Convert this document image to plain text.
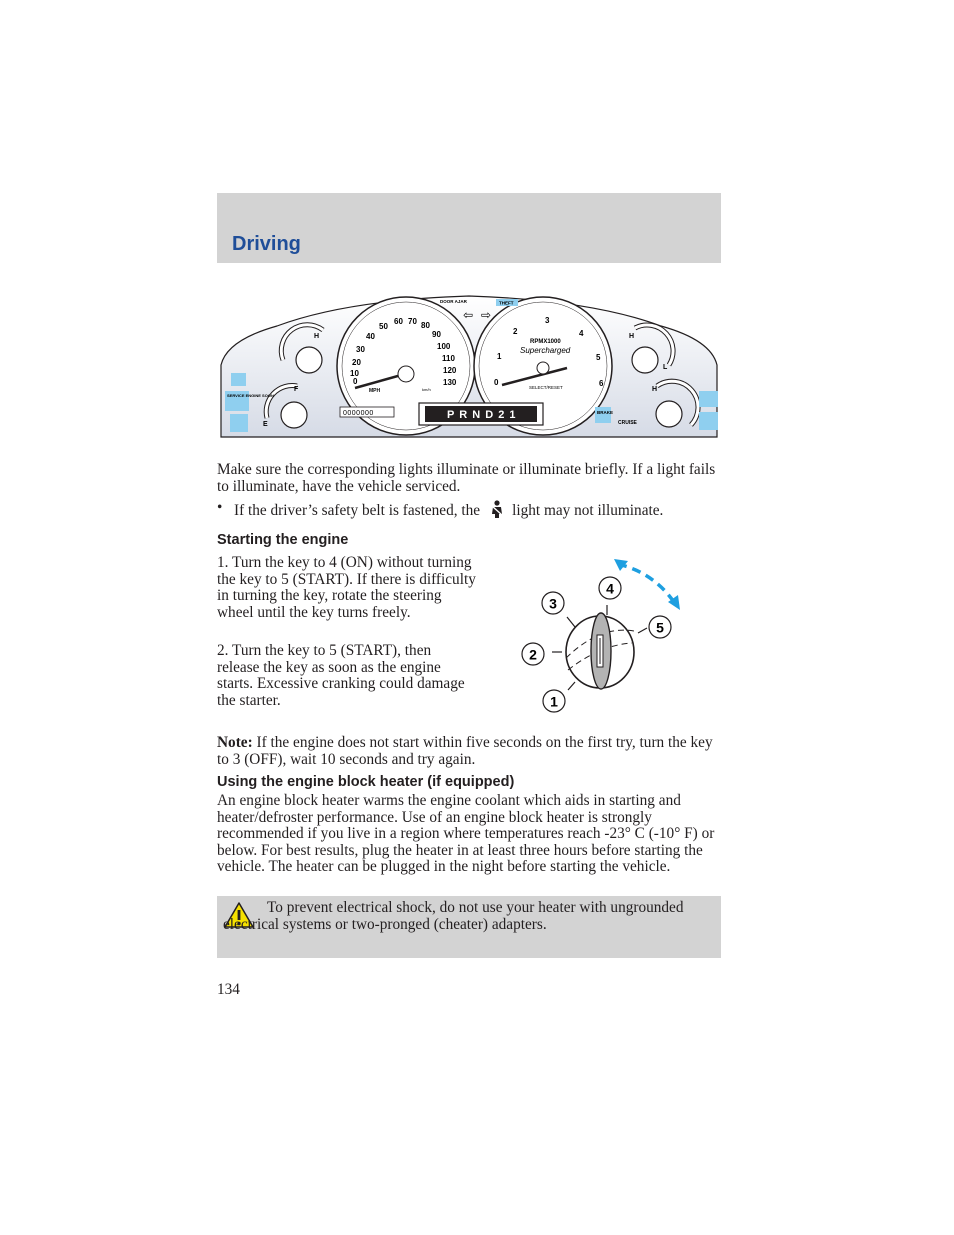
Driving
0
10
20
30
40
50
60 70 80
90
100
110
120
130
MPH	km/h
0
1
2
3
4
5
6
RPMX1000
Supercharged
SELECT/RESET
H
F
E
H
L
H
DOOR AJAR	THEFT
⇦ ⇨
SERVICE ENGINE SOON
BRAKE
CRUISE
P R N D 2 1
0000000
Make sure the corresponding lights illuminate or illuminate briefly. If a light fails to illuminate, have the vehicle serviced.
• If the driver’s safety belt is fastened, the light may not illuminate.
Starting the engine
1. Turn the key to 4 (ON) without turning the key to 5 (START). If there is difficulty in turning the key, rotate the steering wheel until the key turns freely.
2. Turn the key to 5 (START), then release the key as soon as the engine starts. Excessive cranking could damage the starter.
3
4
5
2
1
Note: If the engine does not start within five seconds on the first try, turn the key to 3 (OFF), wait 10 seconds and try again.
Using the engine block heater (if equipped)
An engine block heater warms the engine coolant which aids in starting and heater/defroster performance. Use of an engine block heater is strongly recommended if you live in a region where temperatures reach -23° C (-10° F) or below. For best results, plug the heater in at least three hours before starting the vehicle. The heater can be plugged in the night before starting the vehicle.
To prevent electrical shock, do not use your heater with ungrounded electrical systems or two-pronged (cheater) adapters.
134
